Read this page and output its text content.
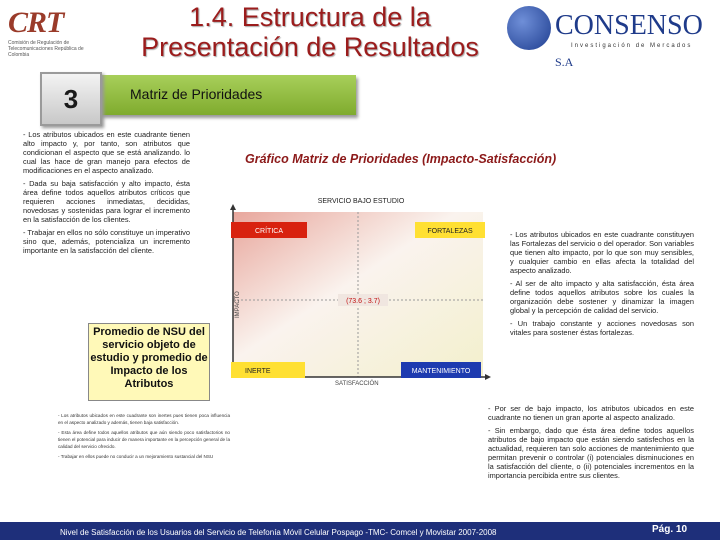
CRT
Comisión de Regulación de Telecomunicaciones República de Colombia
1.4. Estructura de la
Presentación de Resultados
CONSENSO S.A
Investigación de Mercados
Matriz de Prioridades
3

- Los atributos ubicados en este cuadrante tienen alto impacto y, por tanto, son atributos que condicionan el aspecto que se está analizando. lo cual las hace de gran manejo para efectos de modificaciones en el aspecto analizado.

- Dada su baja satisfacción y alto impacto, ésta área define todos aquellos atributos críticos que requieren acciones inmediatas, decididas, novedosas y sostenidas para lograr el incremento en la satisfacción de los clientes.

- Trabajar en ellos no sólo constituye un imperativo sino que, además, potencializa un incremento importante en la satisfacción del cliente.

Promedio de NSU del servicio objeto de estudio y promedio de Impacto de los Atributos

- Los atributos ubicados en este cuadrante son inertes pues tienen poca influencia en el aspecto analizado y además, tienen baja satisfacción.

- Esta área define todos aquellos atributos que aún siendo poco satisfactorios no tienen el potencial para inducir de manera importante en la percepción general de la calidad del servicio ofrecido.

- Trabajar en ellos puede no conducir a un mejoramiento sustancial del NSU

Gráfico Matriz de Prioridades (Impacto-Satisfacción)
SERVICIO BAJO ESTUDIO
CRÍTICA	FORTALEZAS
INERTE	MANTENIMIENTO
(73.6 ; 3.7)
IMPACTO
SATISFACCIÓN

- Los atributos ubicados en este cuadrante constituyen las Fortalezas del servicio o del operador. Son variables que tienen alto impacto, por lo que son muy sensibles, y cualquier cambio en ellas afecta la totalidad del aspecto analizado.

- Al ser de alto impacto y alta satisfacción, ésta área define todos aquellos atributos sobre los cuales la organización debe sostener y dinamizar la imagen global y la percepción de calidad del servicio.

- Un trabajo constante y acciones novedosas son vitales para sostener éstas fortalezas.

- Por ser de bajo impacto, los atributos ubicados en este cuadrante no tienen un gran aporte al aspecto analizado.

- Sin embargo, dado que ésta área define todos aquellos atributos de bajo impacto que están siendo satisfechos en la actualidad, requieren tan solo acciones de mantenimiento que permitan prevenir o controlar (i) potenciales disminuciones en la satisfacción del cliente, o (ii) potenciales incrementos en la importancia percibida entre sus clientes.

Nivel de Satisfacción de los Usuarios del Servicio de Telefonía Móvil Celular Pospago -TMC- Comcel y Movistar 2007-2008	Pág. 10
